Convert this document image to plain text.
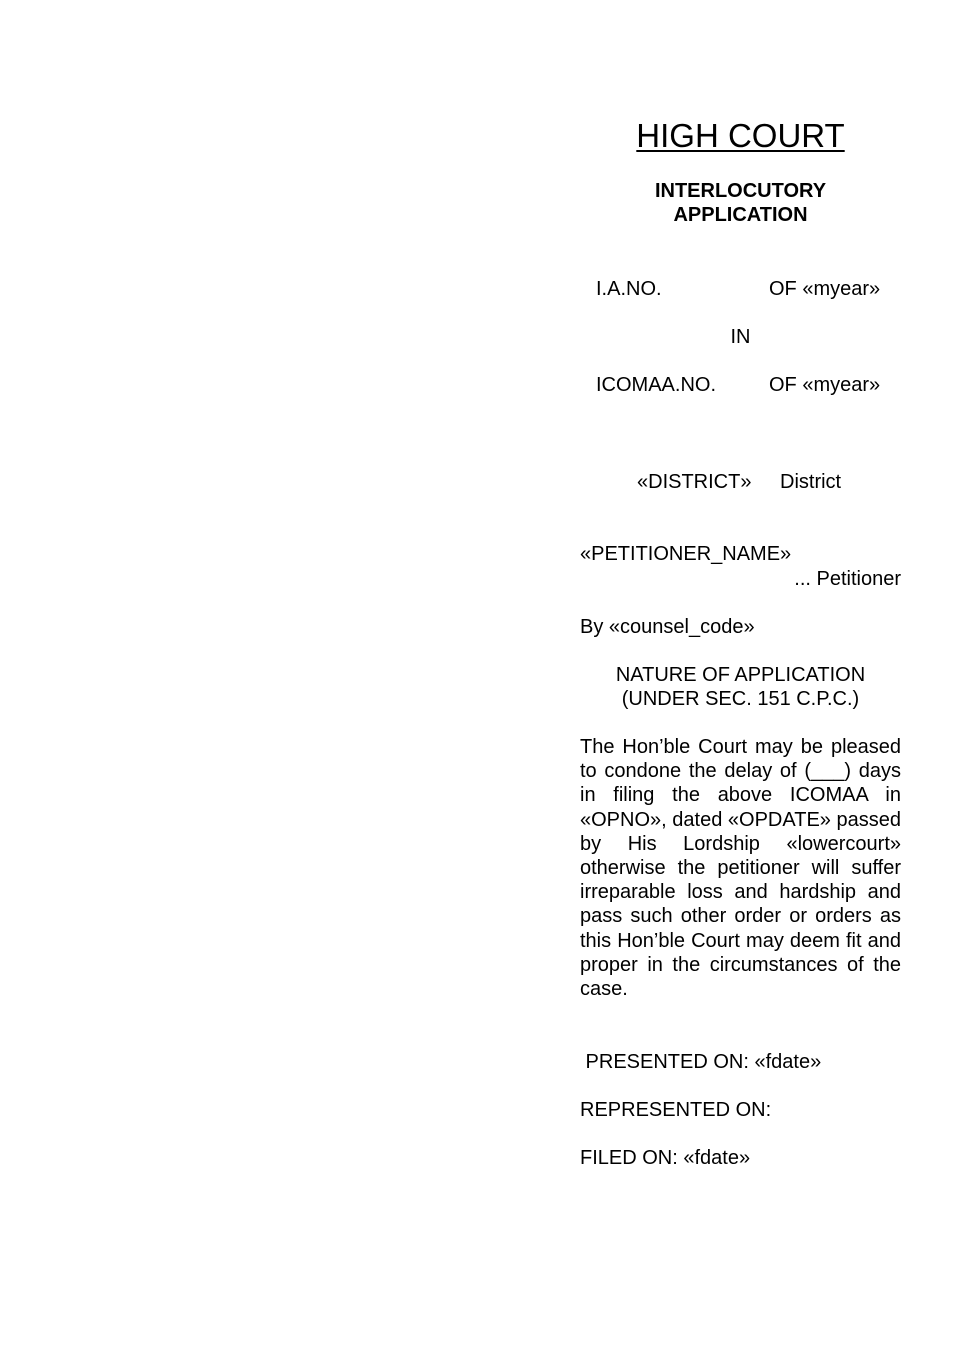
HIGH COURT
INTERLOCUTORY
APPLICATION
I.A.NO.	OF «myear»
IN
ICOMAA.NO.	OF «myear»
«DISTRICT» District
«PETITIONER_NAME»
... Petitioner
By «counsel_code»
NATURE OF APPLICATION
(UNDER SEC. 151 C.P.C.)

The Hon’ble Court may be pleased to condone the delay of (___) days in filing the above ICOMAA in «OPNO», dated «OPDATE» passed by His Lordship «lowercourt» otherwise the petitioner will suffer irreparable loss and hardship and pass such other order or orders as this Hon’ble Court may deem fit and proper in the circumstances of the case.

PRESENTED ON: «fdate»
REPRESENTED ON:
FILED ON: «fdate»
